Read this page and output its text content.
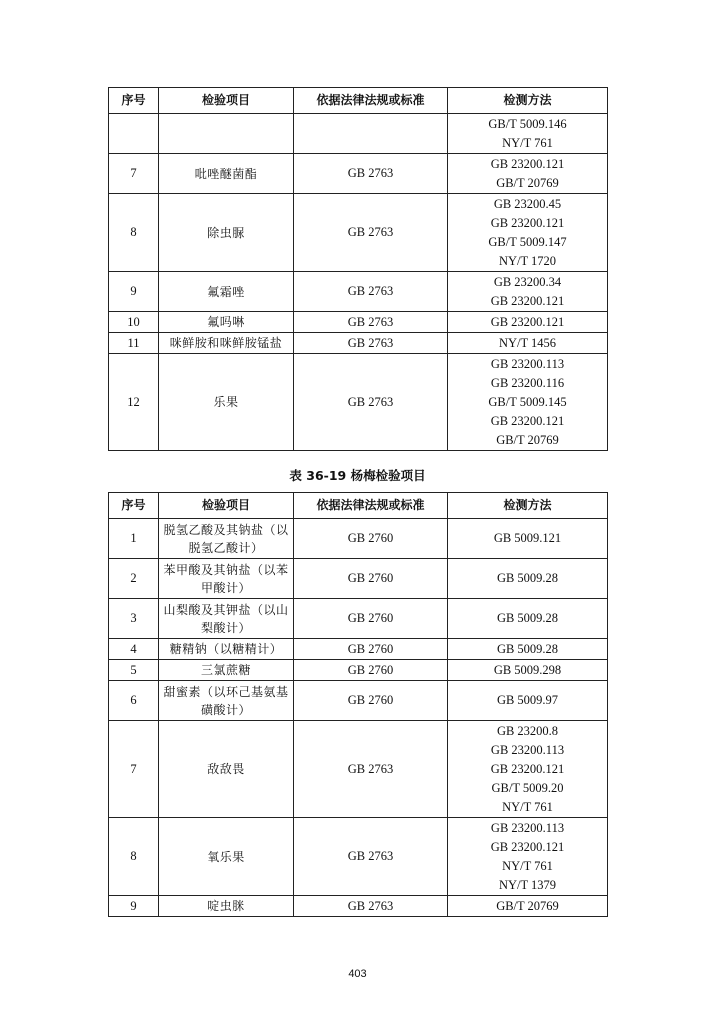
序号	检验项目	依据法律法规或标准	检测方法

			GB/T 5009.146
NY/T 761

7	吡唑醚菌酯	GB 2763	GB 23200.121
GB/T 20769

8	除虫脲	GB 2763	GB 23200.45
GB 23200.121
GB/T 5009.147
NY/T 1720

9	氟霜唑	GB 2763	GB 23200.34
GB 23200.121

10	氟吗啉	GB 2763	GB 23200.121

11	咪鲜胺和咪鲜胺锰盐	GB 2763	NY/T 1456

12	乐果	GB 2763	GB 23200.113
GB 23200.116
GB/T 5009.145
GB 23200.121
GB/T 20769
表 36-19 杨梅检验项目
序号	检验项目	依据法律法规或标准	检测方法
1	脱氢乙酸及其钠盐（以脱氢乙酸计）	GB 2760	GB 5009.121

2	苯甲酸及其钠盐（以苯甲酸计）	GB 2760	GB 5009.28

3	山梨酸及其钾盐（以山梨酸计）	GB 2760	GB 5009.28

4	糖精钠（以糖精计）	GB 2760	GB 5009.28

5	三氯蔗糖	GB 2760	GB 5009.298

6	甜蜜素（以环己基氨基磺酸计）	GB 2760	GB 5009.97

7	敌敌畏	GB 2763	GB 23200.8
GB 23200.113
GB 23200.121
GB/T 5009.20
NY/T 761

8	氧乐果	GB 2763	GB 23200.113
GB 23200.121
NY/T 761
NY/T 1379

9	啶虫脒	GB 2763	GB/T 20769
403
